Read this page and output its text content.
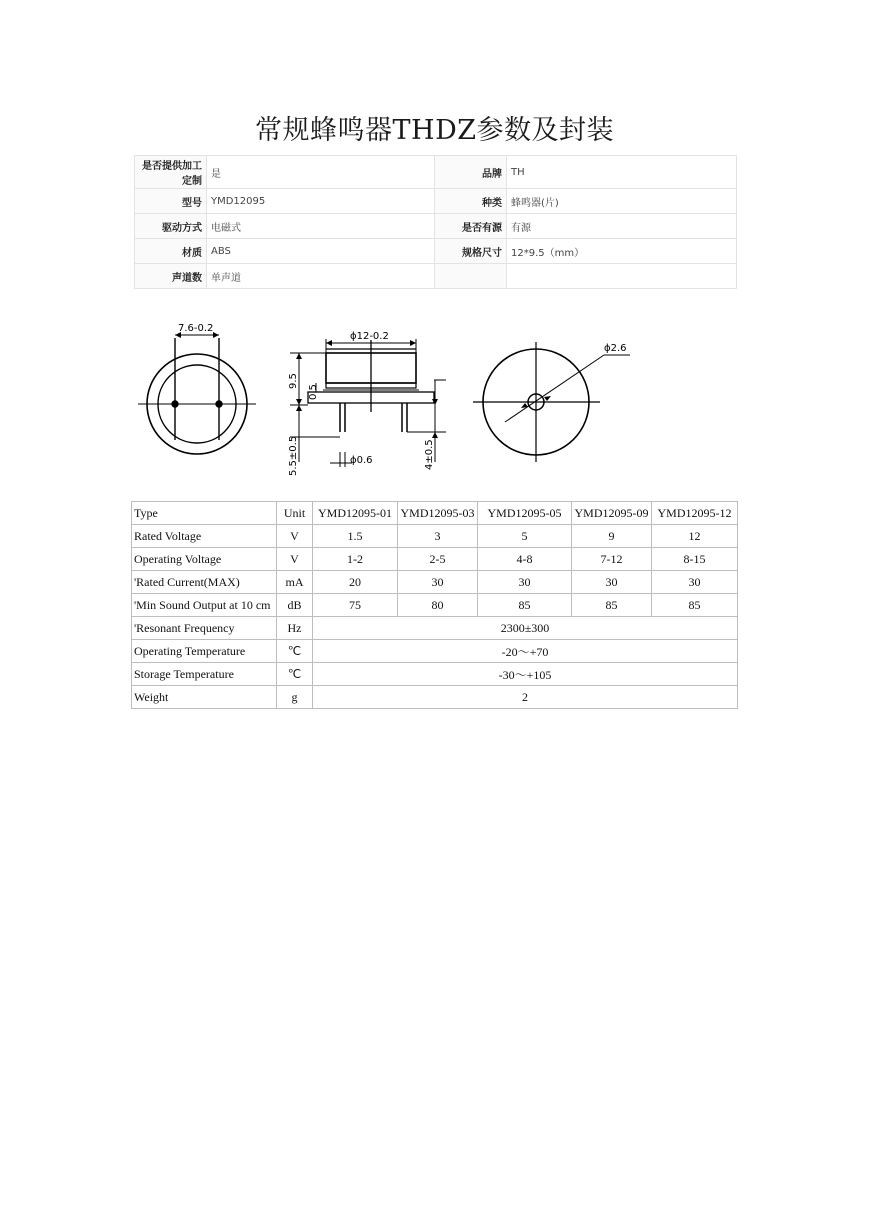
常规蜂鸣器THDZ参数及封装
是否提供加工定制	是	品牌	TH
型号	YMD12095	种类	蜂鸣器(片)
驱动方式	电磁式	是否有源	有源
材质	ABS	规格尺寸	12*9.5（mm）
声道数	单声道		
7.6-0.2
ϕ12-0.2
9.5
0.5
5.5±0.5	ϕ0.6	4±0.5
ϕ2.6
Type	Unit	YMD12095-01	YMD12095-03	YMD12095-05	YMD12095-09	YMD12095-12
Rated Voltage	V	1.5	3	5	9	12
Operating Voltage	V	1-2	2-5	4-8	7-12	8-15
'Rated Current(MAX)	mA	20	30	30	30	30
'Min Sound Output at 10 cm	dB	75	80	85	85	85
'Resonant Frequency	Hz	2300±300				
Operating Temperature	℃	-20～+70				
Storage Temperature	℃	-30～+105				
Weight	g	2				
